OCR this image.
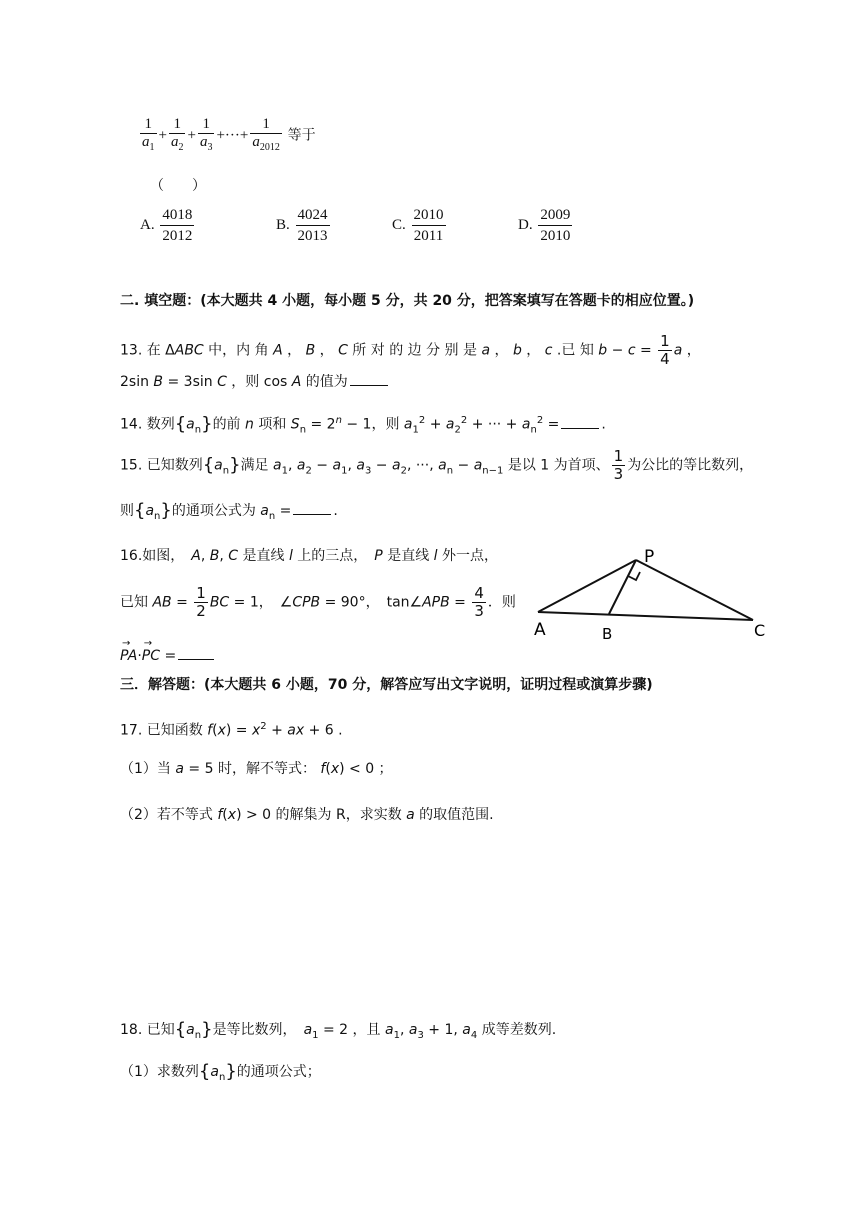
$\frac{1}{a_1} + \frac{1}{a_2} + \frac{1}{a_3}$ +···+ $\frac{1}{a_{2012}}$ 等于
（　　）
A. $\frac{4018}{2012}$	B. $\frac{4024}{2013}$	C. $\frac{2010}{2011}$	D. $\frac{2009}{2010}$
二. 填空题：(本大题共 4 小题，每小题 5 分，共 20 分，把答案填写在答题卡的相应位置。)
13. 在 ΔABC 中，内 角 A ， B ， C 所 对 的 边 分 别 是 a ， b ， c .已 知 $b - c = \frac{1}{4}$ a ，
2sin B = 3sin C ，则 cos A 的值为
14. 数列$\{a_n\}$的前 n 项和 $S_n = 2^n - 1$，则 $a_1^2 + a_2^2$ + ··· + $a_n^2$ =	.
15. 已知数列$\{a_n\}$满足 $a_1$, $a_2 - a_1$, $a_3 - a_2$, ···, $a_n - a_{n-1}$ 是以 1 为首项、 $\frac{1}{3}$ 为公比的等比数列，
则$\{a_n\}$的通项公式为 $a_n$ =	.
16.如图，　A, B, C 是直线 l 上的三点，　P 是直线 l 外一点，
已知 AB = $\frac{1}{2}$ BC = 1，　∠CPB = 90°，　tan∠APB = $\frac{4}{3}$ ．则
→ PA·→ PC =
P
A	B	C
三．解答题：(本大题共 6 小题，70 分，解答应写出文字说明，证明过程或演算步骤)
17. 已知函数 $f(x) = x^2$ + ax + 6 .
（1）当 a = 5 时，解不等式： f(x) < 0 ；
（2）若不等式 f(x) > 0 的解集为 R，求实数 a 的取值范围.
18. 已知$\{a_n\}$是等比数列，　$a_1 = 2$ ，且 $a_1$, $a_3 + 1$, $a_4$ 成等差数列.
（1）求数列$\{a_n\}$的通项公式；
